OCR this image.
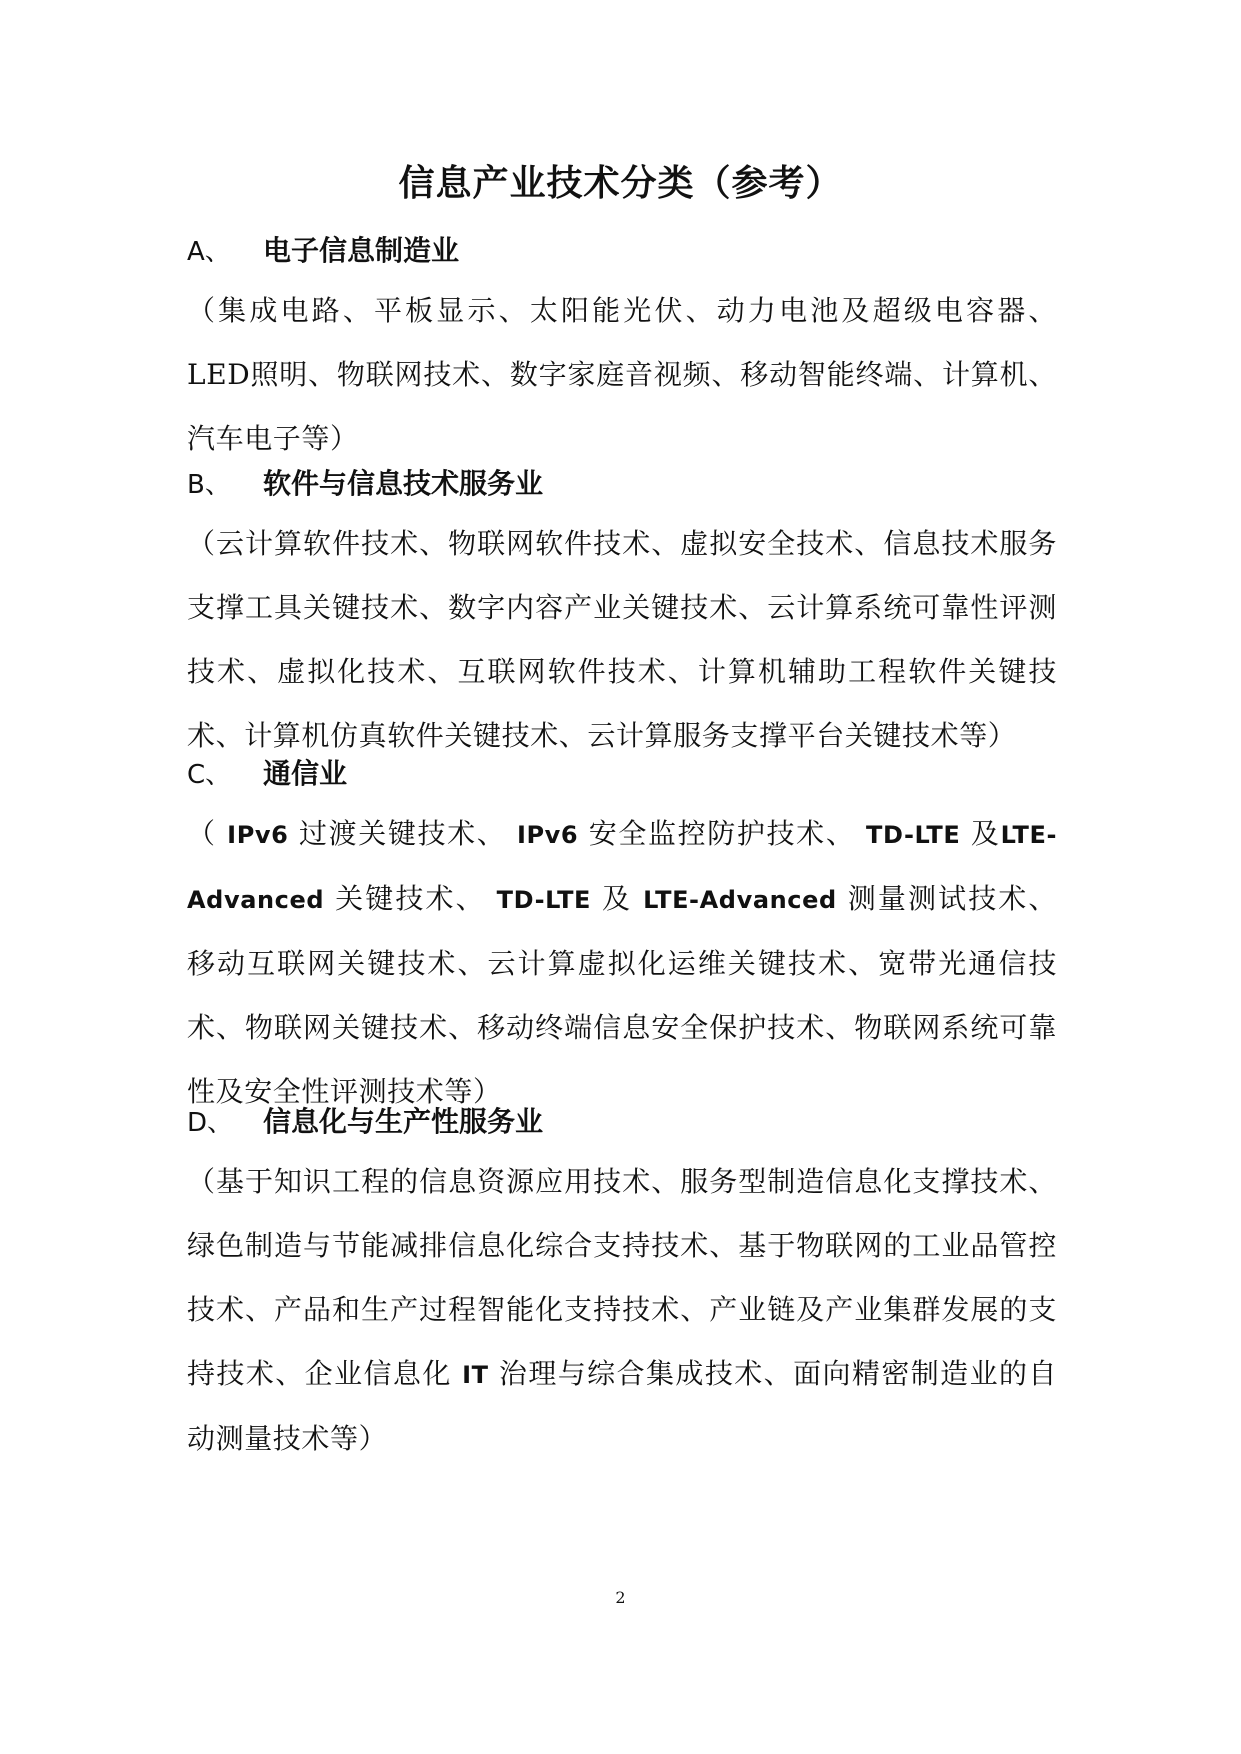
信息产业技术分类（参考）
A、 电子信息制造业
（集成电路、平板显示、太阳能光伏、动力电池及超级电容器、 LED照明、物联网技术、数字家庭音视频、移动智能终端、计算机、汽车电子等）
B、 软件与信息技术服务业
（云计算软件技术、物联网软件技术、虚拟安全技术、信息技术服务支撑工具关键技术、数字内容产业关键技术、云计算系统可靠性评测技术、虚拟化技术、互联网软件技术、计算机辅助工程软件关键技术、计算机仿真软件关键技术、云计算服务支撑平台关键技术等）
C、 通信业
（ IPv6 过渡关键技术、 IPv6 安全监控防护技术、 TD-LTE 及LTE-Advanced 关键技术、 TD-LTE 及 LTE-Advanced 测量测试技术、移动互联网关键技术、云计算虚拟化运维关键技术、宽带光通信技术、物联网关键技术、移动终端信息安全保护技术、物联网系统可靠性及安全性评测技术等）
D、 信息化与生产性服务业
（基于知识工程的信息资源应用技术、服务型制造信息化支撑技术、绿色制造与节能减排信息化综合支持技术、基于物联网的工业品管控技术、产品和生产过程智能化支持技术、产业链及产业集群发展的支持技术、企业信息化 IT 治理与综合集成技术、面向精密制造业的自动测量技术等）
2
